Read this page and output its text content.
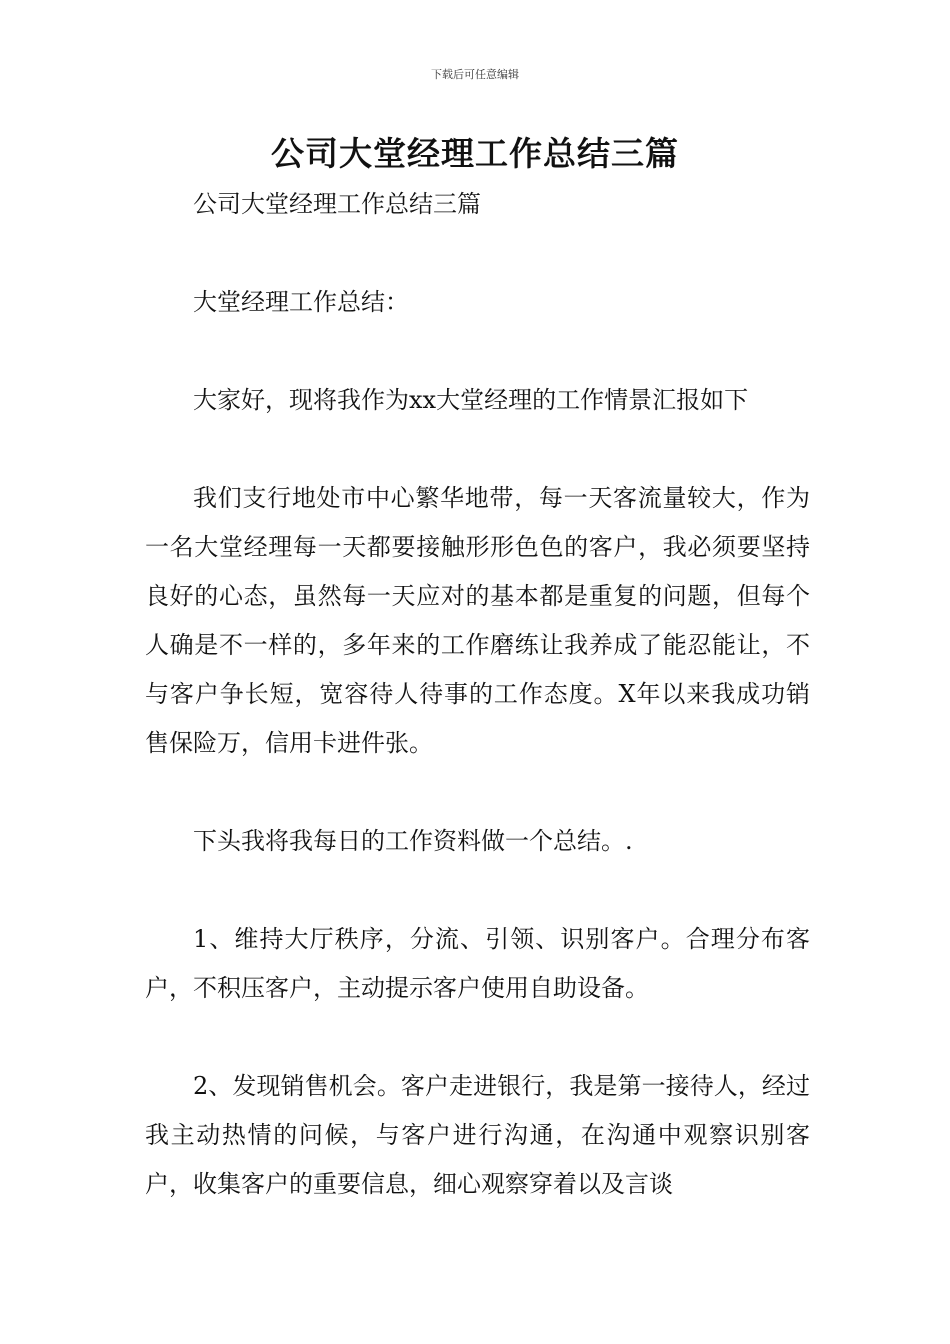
下载后可任意编辑
公司大堂经理工作总结三篇

公司大堂经理工作总结三篇

大堂经理工作总结：

大家好，现将我作为xx大堂经理的工作情景汇报如下

我们支行地处市中心繁华地带，每一天客流量较大，作为一名大堂经理每一天都要接触形形色色的客户，我必须要坚持良好的心态，虽然每一天应对的基本都是重复的问题，但每个人确是不一样的，多年来的工作磨练让我养成了能忍能让，不与客户争长短，宽容待人待事的工作态度。X年以来我成功销售保险万，信用卡进件张。

下头我将我每日的工作资料做一个总结。.

1、维持大厅秩序，分流、引领、识别客户。合理分布客户，不积压客户，主动提示客户使用自助设备。

2、发现销售机会。客户走进银行，我是第一接待人，经过我主动热情的问候，与客户进行沟通，在沟通中观察识别客户，收集客户的重要信息，细心观察穿着以及言谈
